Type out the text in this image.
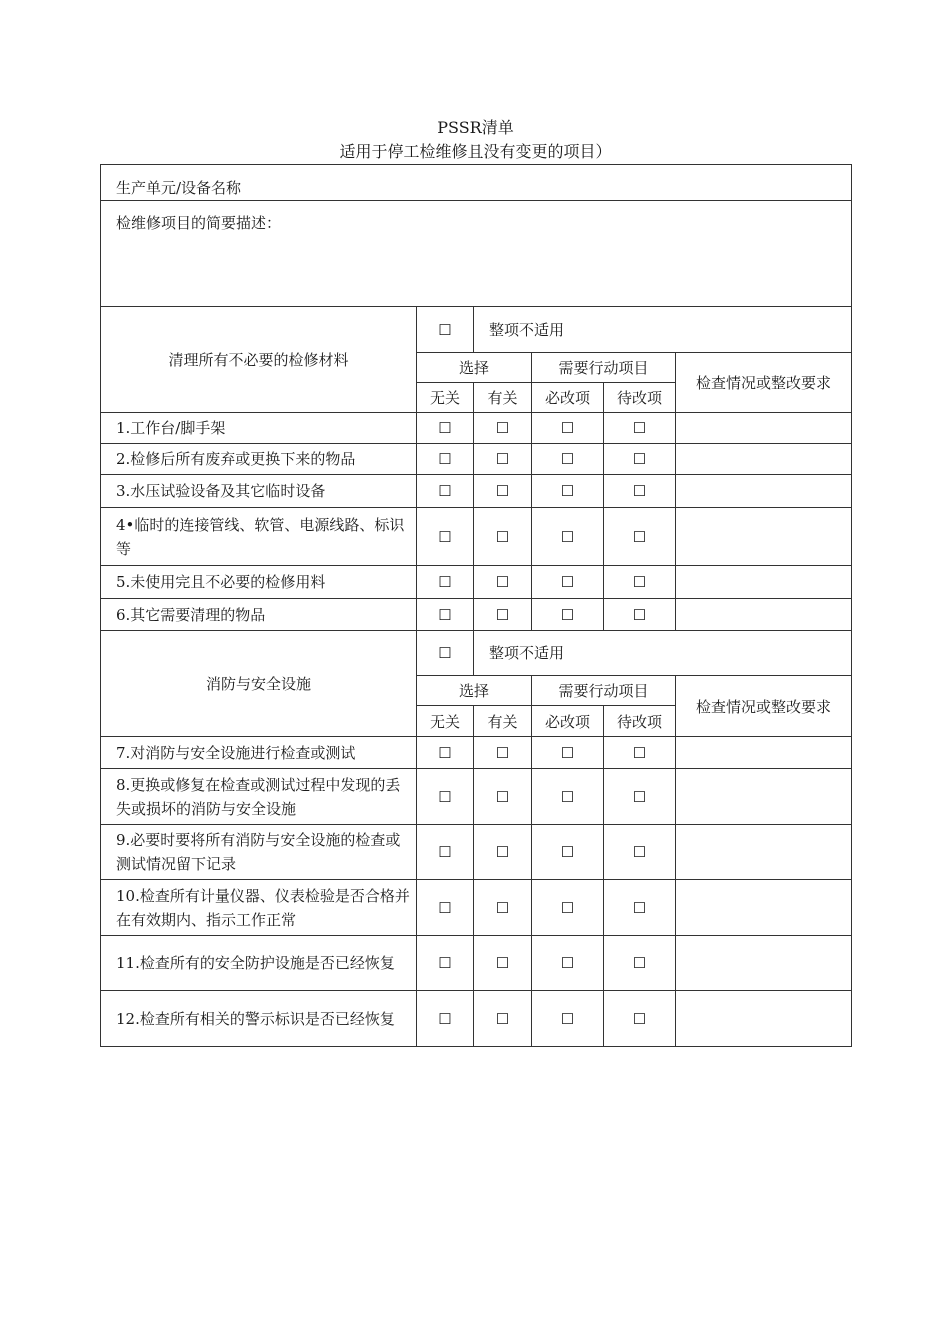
PSSR清单
适用于停工检维修且没有变更的项目）
生产单元/设备名称					
检维修项目的简要描述：					
清理所有不必要的检修材料	☐	整项不适用			
	选择		需要行动项目		检查情况或整改要求
	无关	有关	必改项	待改项	
1.工作台/脚手架	☐	☐	☐	☐	
2.检修后所有废弃或更换下来的物品	☐	☐	☐	☐	
3.水压试验设备及其它临时设备	☐	☐	☐	☐	
4•临时的连接管线、软管、电源线路、标识等	☐	☐	☐	☐	
5.未使用完且不必要的检修用料	☐	☐	☐	☐	
6.其它需要清理的物品	☐	☐	☐	☐	
消防与安全设施	☐	整项不适用			
	选择		需要行动项目		检查情况或整改要求
	无关	有关	必改项	待改项	
7.对消防与安全设施进行检查或测试	☐	☐	☐	☐	
8.更换或修复在检查或测试过程中发现的丢失或损坏的消防与安全设施	☐	☐	☐	☐	
9.必要时要将所有消防与安全设施的检查或测试情况留下记录	☐	☐	☐	☐	
10.检查所有计量仪器、仪表检验是否合格并在有效期内、指示工作正常	☐	☐	☐	☐	
11.检查所有的安全防护设施是否已经恢复	☐	☐	☐	☐	
12.检查所有相关的警示标识是否已经恢复	☐	☐	☐	☐	
